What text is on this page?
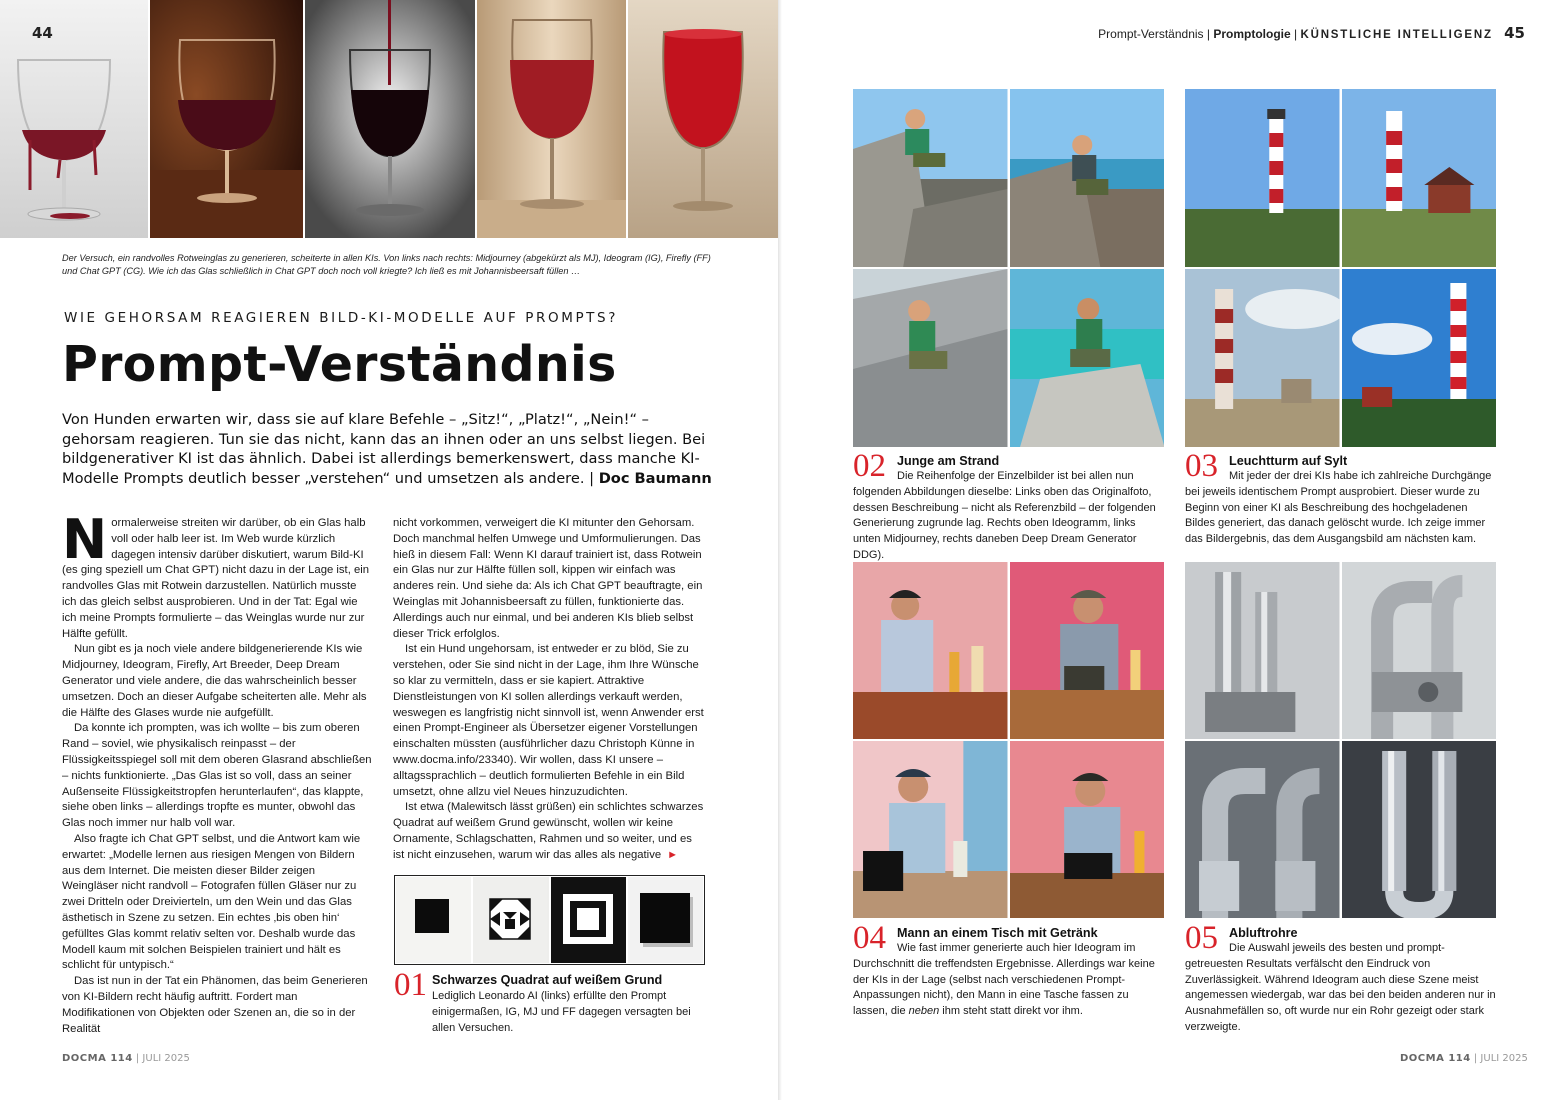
44
Der Versuch, ein randvolles Rotweinglas zu generieren, scheiterte in allen KIs. Von links nach rechts: Midjourney (abgekürzt als MJ), Ideogram (IG), Firefly (FF) und Chat GPT (CG). Wie ich das Glas schließlich in Chat GPT doch noch voll kriegte? Ich ließ es mit Johannisbeersaft füllen …
WIE GEHORSAM REAGIEREN BILD-KI-MODELLE AUF PROMPTS?
Prompt-Verständnis
Von Hunden erwarten wir, dass sie auf klare Befehle – „Sitz!“, „Platz!“, „Nein!“ – gehorsam reagieren. Tun sie das nicht, kann das an ihnen oder an uns selbst liegen. Bei bildgenerativer KI ist das ähnlich. Dabei ist allerdings bemerkenswert, dass manche KI-Modelle Prompts deutlich besser „verstehen“ und umsetzen als andere. | Doc Baumann

Normalerweise streiten wir darüber, ob ein Glas halb voll oder halb leer ist. Im Web wurde kürzlich dagegen intensiv darüber diskutiert, warum Bild-KI (es ging speziell um Chat GPT) nicht dazu in der Lage ist, ein randvolles Glas mit Rotwein darzustellen. Natürlich musste ich das gleich selbst ausprobieren. Und in der Tat: Egal wie ich meine Prompts formulierte – das Weinglas wurde nur zur Hälfte gefüllt.

Nun gibt es ja noch viele andere bildgenerierende KIs wie Midjourney, Ideogram, Firefly, Art Breeder, Deep Dream Generator und viele andere, die das wahrscheinlich besser umsetzen. Doch an dieser Aufgabe scheiterten alle. Mehr als die Hälfte des Glases wurde nie aufgefüllt.

Da konnte ich prompten, was ich wollte – bis zum oberen Rand – soviel, wie physikalisch reinpasst – der Flüssigkeitsspiegel soll mit dem oberen Glasrand abschließen – nichts funktionierte. „Das Glas ist so voll, dass an seiner Außenseite Flüssigkeitstropfen herunterlaufen“, das klappte, siehe oben links – allerdings tropfte es munter, obwohl das Glas noch immer nur halb voll war.

Also fragte ich Chat GPT selbst, und die Antwort kam wie erwartet: „Modelle lernen aus riesigen Mengen von Bildern aus dem Internet. Die meisten dieser Bilder zeigen Weingläser nicht randvoll – Fotografen füllen Gläser nur zu zwei Dritteln oder Dreivierteln, um den Wein und das Glas ästhetisch in Szene zu setzen. Ein echtes ‚bis oben hin‘ gefülltes Glas kommt relativ selten vor. Deshalb wurde das Modell kaum mit solchen Beispielen trainiert und hält es schlicht für untypisch.“

Das ist nun in der Tat ein Phänomen, das beim Generieren von KI-Bildern recht häufig auftritt. Fordert man Modifikationen von Objekten oder Szenen an, die so in der Realität

nicht vorkommen, verweigert die KI mitunter den Gehorsam. Doch manchmal helfen Umwege und Umformulierungen. Das hieß in diesem Fall: Wenn KI darauf trainiert ist, dass Rotwein ein Glas nur zur Hälfte füllen soll, kippen wir einfach was anderes rein. Und siehe da: Als ich Chat GPT beauftragte, ein Weinglas mit Johannisbeersaft zu füllen, funktionierte das. Allerdings auch nur einmal, und bei anderen KIs blieb selbst dieser Trick erfolglos.

Ist ein Hund ungehorsam, ist entweder er zu blöd, Sie zu verstehen, oder Sie sind nicht in der Lage, ihm Ihre Wünsche so klar zu vermitteln, dass er sie kapiert. Attraktive Dienstleistungen von KI sollen allerdings verkauft werden, weswegen es langfristig nicht sinnvoll ist, wenn Anwender erst einen Prompt-Engineer als Übersetzer eigener Vorstellungen einschalten müssten (ausführlicher dazu Christoph Künne in www.docma.info/23340). Wir wollen, dass KI unsere – alltagssprachlich – deutlich formulierten Befehle in ein Bild umsetzt, ohne allzu viel Neues hinzuzudichten.

Ist etwa (Malewitsch lässt grüßen) ein schlichtes schwarzes Quadrat auf weißem Grund gewünscht, wollen wir keine Ornamente, Schlagschatten, Rahmen und so weiter, und es ist nicht einzusehen, warum wir das alles als negative ►

01 Schwarzes Quadrat auf weißem Grund
Lediglich Leonardo AI (links) erfüllte den Prompt einigermaßen, IG, MJ und FF dagegen versagten bei allen Versuchen.
DOCMA 114 | JULI 2025
Prompt-Verständnis | Promptologie | KÜNSTLICHE INTELLIGENZ 45
02 Junge am Strand
Die Reihenfolge der Einzelbilder ist bei allen nun folgenden Abbildungen dieselbe: Links oben das Originalfoto, dessen Beschreibung – nicht als Referenzbild – der folgenden Generierung zugrunde lag. Rechts oben Ideogramm, links unten Midjourney, rechts daneben Deep Dream Generator DDG).
03 Leuchtturm auf Sylt
Mit jeder der drei KIs habe ich zahlreiche Durchgänge bei jeweils identischem Prompt ausprobiert. Dieser wurde zu Beginn von einer KI als Beschreibung des hochgeladenen Bildes generiert, das danach gelöscht wurde. Ich zeige immer das Bildergebnis, das dem Ausgangsbild am nächsten kam.
04 Mann an einem Tisch mit Getränk
Wie fast immer generierte auch hier Ideogram im Durchschnitt die treffendsten Ergebnisse. Allerdings war keine der KIs in der Lage (selbst nach verschiedenen Prompt-Anpassungen nicht), den Mann in eine Tasche fassen zu lassen, die neben ihm steht statt direkt vor ihm.
05 Abluftrohre
Die Auswahl jeweils des besten und prompt-getreuesten Resultats verfälscht den Eindruck von Zuverlässigkeit. Während Ideogram auch diese Szene meist angemessen wiedergab, war das bei den beiden anderen nur in Ausnahmefällen so, oft wurde nur ein Rohr gezeigt oder stark verzweigte.
DOCMA 114 | JULI 2025
